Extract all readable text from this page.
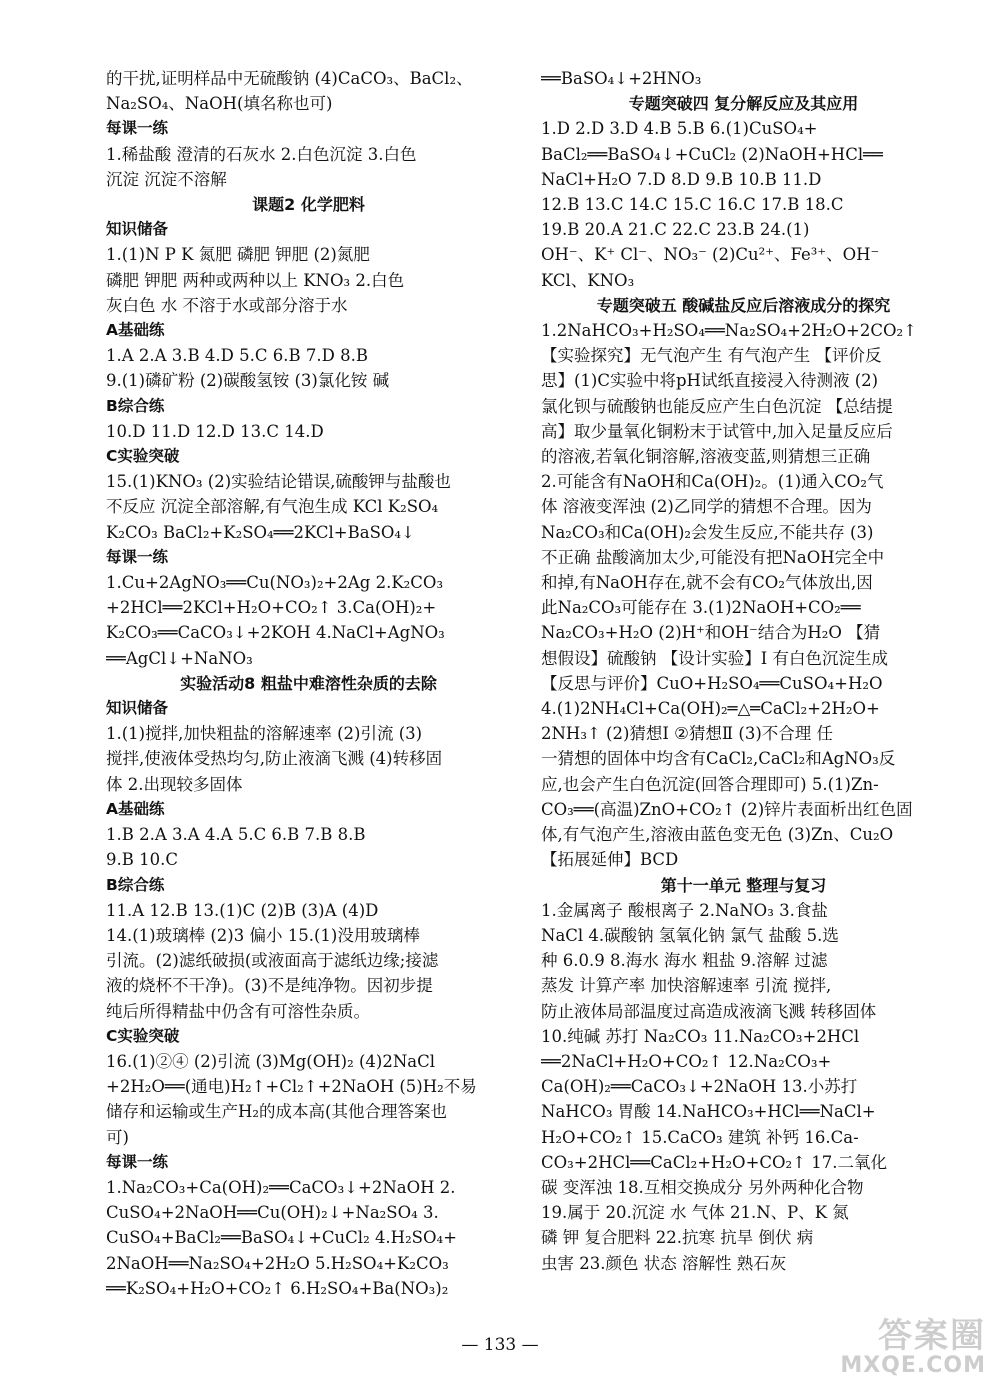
的干扰,证明样品中无硫酸钠 (4)CaCO₃、BaCl₂、
Na₂SO₄、NaOH(填名称也可)
每课一练
1.稀盐酸 澄清的石灰水 2.白色沉淀 3.白色
沉淀 沉淀不溶解
课题2 化学肥料
知识储备
1.(1)N P K 氮肥 磷肥 钾肥 (2)氮肥
磷肥 钾肥 两种或两种以上 KNO₃ 2.白色
灰白色 水 不溶于水或部分溶于水
A基础练
1.A 2.A 3.B 4.D 5.C 6.B 7.D 8.B
9.(1)磷矿粉 (2)碳酸氢铵 (3)氯化铵 碱
B综合练
10.D 11.D 12.D 13.C 14.D
C实验突破
15.(1)KNO₃ (2)实验结论错误,硫酸钾与盐酸也
不反应 沉淀全部溶解,有气泡生成 KCl K₂SO₄
K₂CO₃ BaCl₂+K₂SO₄══2KCl+BaSO₄↓
每课一练
1.Cu+2AgNO₃══Cu(NO₃)₂+2Ag 2.K₂CO₃
+2HCl══2KCl+H₂O+CO₂↑ 3.Ca(OH)₂+
K₂CO₃══CaCO₃↓+2KOH 4.NaCl+AgNO₃
══AgCl↓+NaNO₃
实验活动8 粗盐中难溶性杂质的去除
知识储备
1.(1)搅拌,加快粗盐的溶解速率 (2)引流 (3)
搅拌,使液体受热均匀,防止液滴飞溅 (4)转移固
体 2.出现较多固体
A基础练
1.B 2.A 3.A 4.A 5.C 6.B 7.B 8.B
9.B 10.C
B综合练
11.A 12.B 13.(1)C (2)B (3)A (4)D
14.(1)玻璃棒 (2)3 偏小 15.(1)没用玻璃棒
引流。(2)滤纸破损(或液面高于滤纸边缘;接滤
液的烧杯不干净)。(3)不是纯净物。因初步提
纯后所得精盐中仍含有可溶性杂质。
C实验突破
16.(1)②④ (2)引流 (3)Mg(OH)₂ (4)2NaCl
+2H₂O══(通电)H₂↑+Cl₂↑+2NaOH (5)H₂不易
储存和运输或生产H₂的成本高(其他合理答案也
可)
每课一练
1.Na₂CO₃+Ca(OH)₂══CaCO₃↓+2NaOH 2.
CuSO₄+2NaOH══Cu(OH)₂↓+Na₂SO₄ 3.
CuSO₄+BaCl₂══BaSO₄↓+CuCl₂ 4.H₂SO₄+
2NaOH══Na₂SO₄+2H₂O 5.H₂SO₄+K₂CO₃
══K₂SO₄+H₂O+CO₂↑ 6.H₂SO₄+Ba(NO₃)₂
══BaSO₄↓+2HNO₃
专题突破四 复分解反应及其应用
1.D 2.D 3.D 4.B 5.B 6.(1)CuSO₄+
BaCl₂══BaSO₄↓+CuCl₂ (2)NaOH+HCl══
NaCl+H₂O 7.D 8.D 9.B 10.B 11.D
12.B 13.C 14.C 15.C 16.C 17.B 18.C
19.B 20.A 21.C 22.C 23.B 24.(1)
OH⁻、K⁺ Cl⁻、NO₃⁻ (2)Cu²⁺、Fe³⁺、OH⁻
KCl、KNO₃
专题突破五 酸碱盐反应后溶液成分的探究
1.2NaHCO₃+H₂SO₄══Na₂SO₄+2H₂O+2CO₂↑
【实验探究】无气泡产生 有气泡产生 【评价反
思】(1)C实验中将pH试纸直接浸入待测液 (2)
氯化钡与硫酸钠也能反应产生白色沉淀 【总结提
高】取少量氧化铜粉末于试管中,加入足量反应后
的溶液,若氧化铜溶解,溶液变蓝,则猜想三正确
2.可能含有NaOH和Ca(OH)₂。(1)通入CO₂气
体 溶液变浑浊 (2)乙同学的猜想不合理。因为
Na₂CO₃和Ca(OH)₂会发生反应,不能共存 (3)
不正确 盐酸滴加太少,可能没有把NaOH完全中
和掉,有NaOH存在,就不会有CO₂气体放出,因
此Na₂CO₃可能存在 3.(1)2NaOH+CO₂══
Na₂CO₃+H₂O (2)H⁺和OH⁻结合为H₂O 【猜
想假设】硫酸钠 【设计实验】Ⅰ 有白色沉淀生成
【反思与评价】CuO+H₂SO₄══CuSO₄+H₂O
4.(1)2NH₄Cl+Ca(OH)₂═△═CaCl₂+2H₂O+
2NH₃↑ (2)猜想Ⅰ ②猜想Ⅱ (3)不合理 任
一猜想的固体中均含有CaCl₂,CaCl₂和AgNO₃反
应,也会产生白色沉淀(回答合理即可) 5.(1)Zn-
CO₃══(高温)ZnO+CO₂↑ (2)锌片表面析出红色固
体,有气泡产生,溶液由蓝色变无色 (3)Zn、Cu₂O
【拓展延伸】BCD
第十一单元 整理与复习
1.金属离子 酸根离子 2.NaNO₃ 3.食盐
NaCl 4.碳酸钠 氢氧化钠 氯气 盐酸 5.选
种 6.0.9 8.海水 海水 粗盐 9.溶解 过滤
蒸发 计算产率 加快溶解速率 引流 搅拌,
防止液体局部温度过高造成液滴飞溅 转移固体
10.纯碱 苏打 Na₂CO₃ 11.Na₂CO₃+2HCl
══2NaCl+H₂O+CO₂↑ 12.Na₂CO₃+
Ca(OH)₂══CaCO₃↓+2NaOH 13.小苏打
NaHCO₃ 胃酸 14.NaHCO₃+HCl══NaCl+
H₂O+CO₂↑ 15.CaCO₃ 建筑 补钙 16.Ca-
CO₃+2HCl══CaCl₂+H₂O+CO₂↑ 17.二氧化
碳 变浑浊 18.互相交换成分 另外两种化合物
19.属于 20.沉淀 水 气体 21.N、P、K 氮
磷 钾 复合肥料 22.抗寒 抗旱 倒伏 病
虫害 23.颜色 状态 溶解性 熟石灰
— 133 —	答案圈
MXQE.COM
